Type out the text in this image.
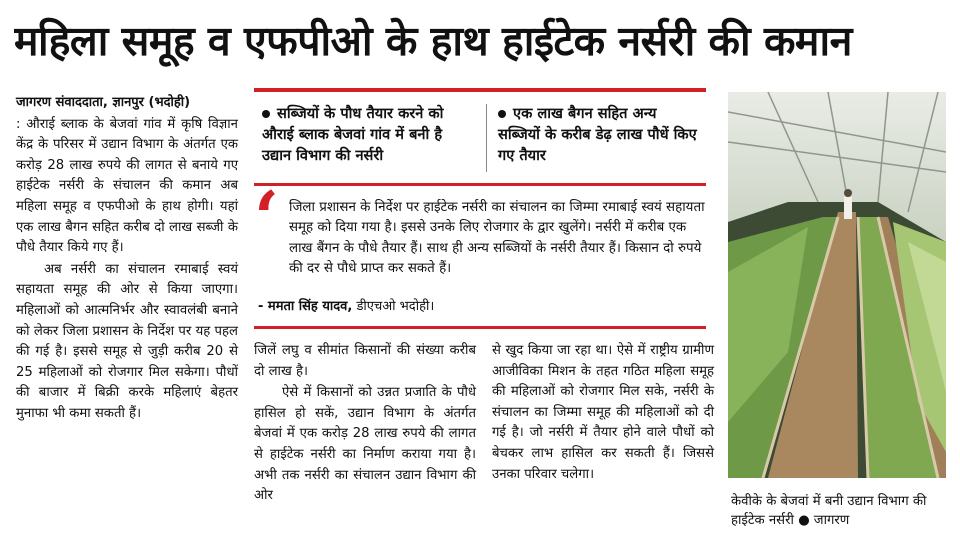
महिला समूह व एफपीओ के हाथ हाईटेक नर्सरी की कमान
जागरण संवाददाता, ज्ञानपुर (भदोही)

: औराई ब्लाक के बेजवां गांव में कृषि विज्ञान केंद्र के परिसर में उद्यान विभाग के अंतर्गत एक करोड़ 28 लाख रुपये की लागत से बनाये गए हाईटेक नर्सरी के संचालन की कमान अब महिला समूह व एफपीओ के हाथ होगी। यहां एक लाख बैगन सहित करीब दो लाख सब्जी के पौधे तैयार किये गए हैं।

अब नर्सरी का संचालन रमाबाई स्वयं सहायता समूह की ओर से किया जाएगा। महिलाओं को आत्मनिर्भर और स्वावलंबी बनाने को लेकर जिला प्रशासन के निर्देश पर यह पहल की गई है। इससे समूह से जुड़ी करीब 20 से 25 महिलाओं को रोजगार मिल सकेगा। पौधों की बाजार में बिक्री करके महिलाएं बेहतर मुनाफा भी कमा सकती हैं।

सब्जियों के पौध तैयार करने को औराई ब्लाक बेजवां गांव में बनी है उद्यान विभाग की नर्सरी
एक लाख बैगन सहित अन्य सब्जियों के करीब डेढ़ लाख पौधें किए गए तैयार
‘ जिला प्रशासन के निर्देश पर हाईटेक नर्सरी का संचालन का जिम्मा रमाबाई स्वयं सहायता समूह को दिया गया है। इससे उनके लिए रोजगार के द्वार खुलेंगे। नर्सरी में करीब एक लाख बैंगन के पौधे तैयार हैं। साथ ही अन्य सब्जियों के नर्सरी तैयार हैं। किसान दो रुपये की दर से पौधे प्राप्त कर सकते हैं।
- ममता सिंह यादव, डीएचओ भदोही।

जिलें लघु व सीमांत किसानों की संख्या करीब दो लाख है।

ऐसे में किसानों को उन्नत प्रजाति के पौधे हासिल हो सकें, उद्यान विभाग के अंतर्गत बेजवां में एक करोड़ 28 लाख रुपये की लागत से हाईटेक नर्सरी का निर्माण कराया गया है। अभी तक नर्सरी का संचालन उद्यान विभाग की ओर

से खुद किया जा रहा था। ऐसे में राष्ट्रीय ग्रामीण आजीविका मिशन के तहत गठित महिला समूह की महिलाओं को रोजगार मिल सके, नर्सरी के संचालन का जिम्मा समूह की महिलाओं को दी गई है। जो नर्सरी में तैयार होने वाले पौधों को बेचकर लाभ हासिल कर सकती हैं। जिससे उनका परिवार चलेगा।

केवीके के बेजवां में बनी उद्यान विभाग की हाईटेक नर्सरी ● जागरण
